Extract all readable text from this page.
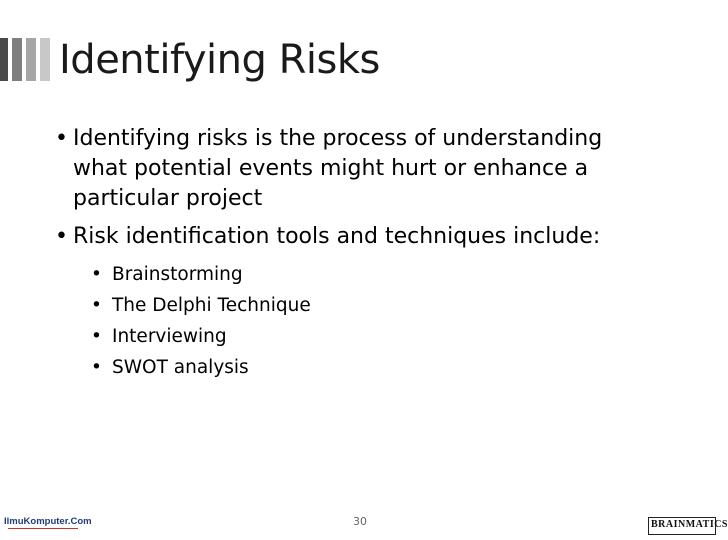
Identifying Risks
• Identifying risks is the process of understanding what potential events might hurt or enhance a particular project
• Risk identification tools and techniques include:
• Brainstorming
• The Delphi Technique
• Interviewing
• SWOT analysis
IlmuKomputer.Com	30	BRAINMATICS
